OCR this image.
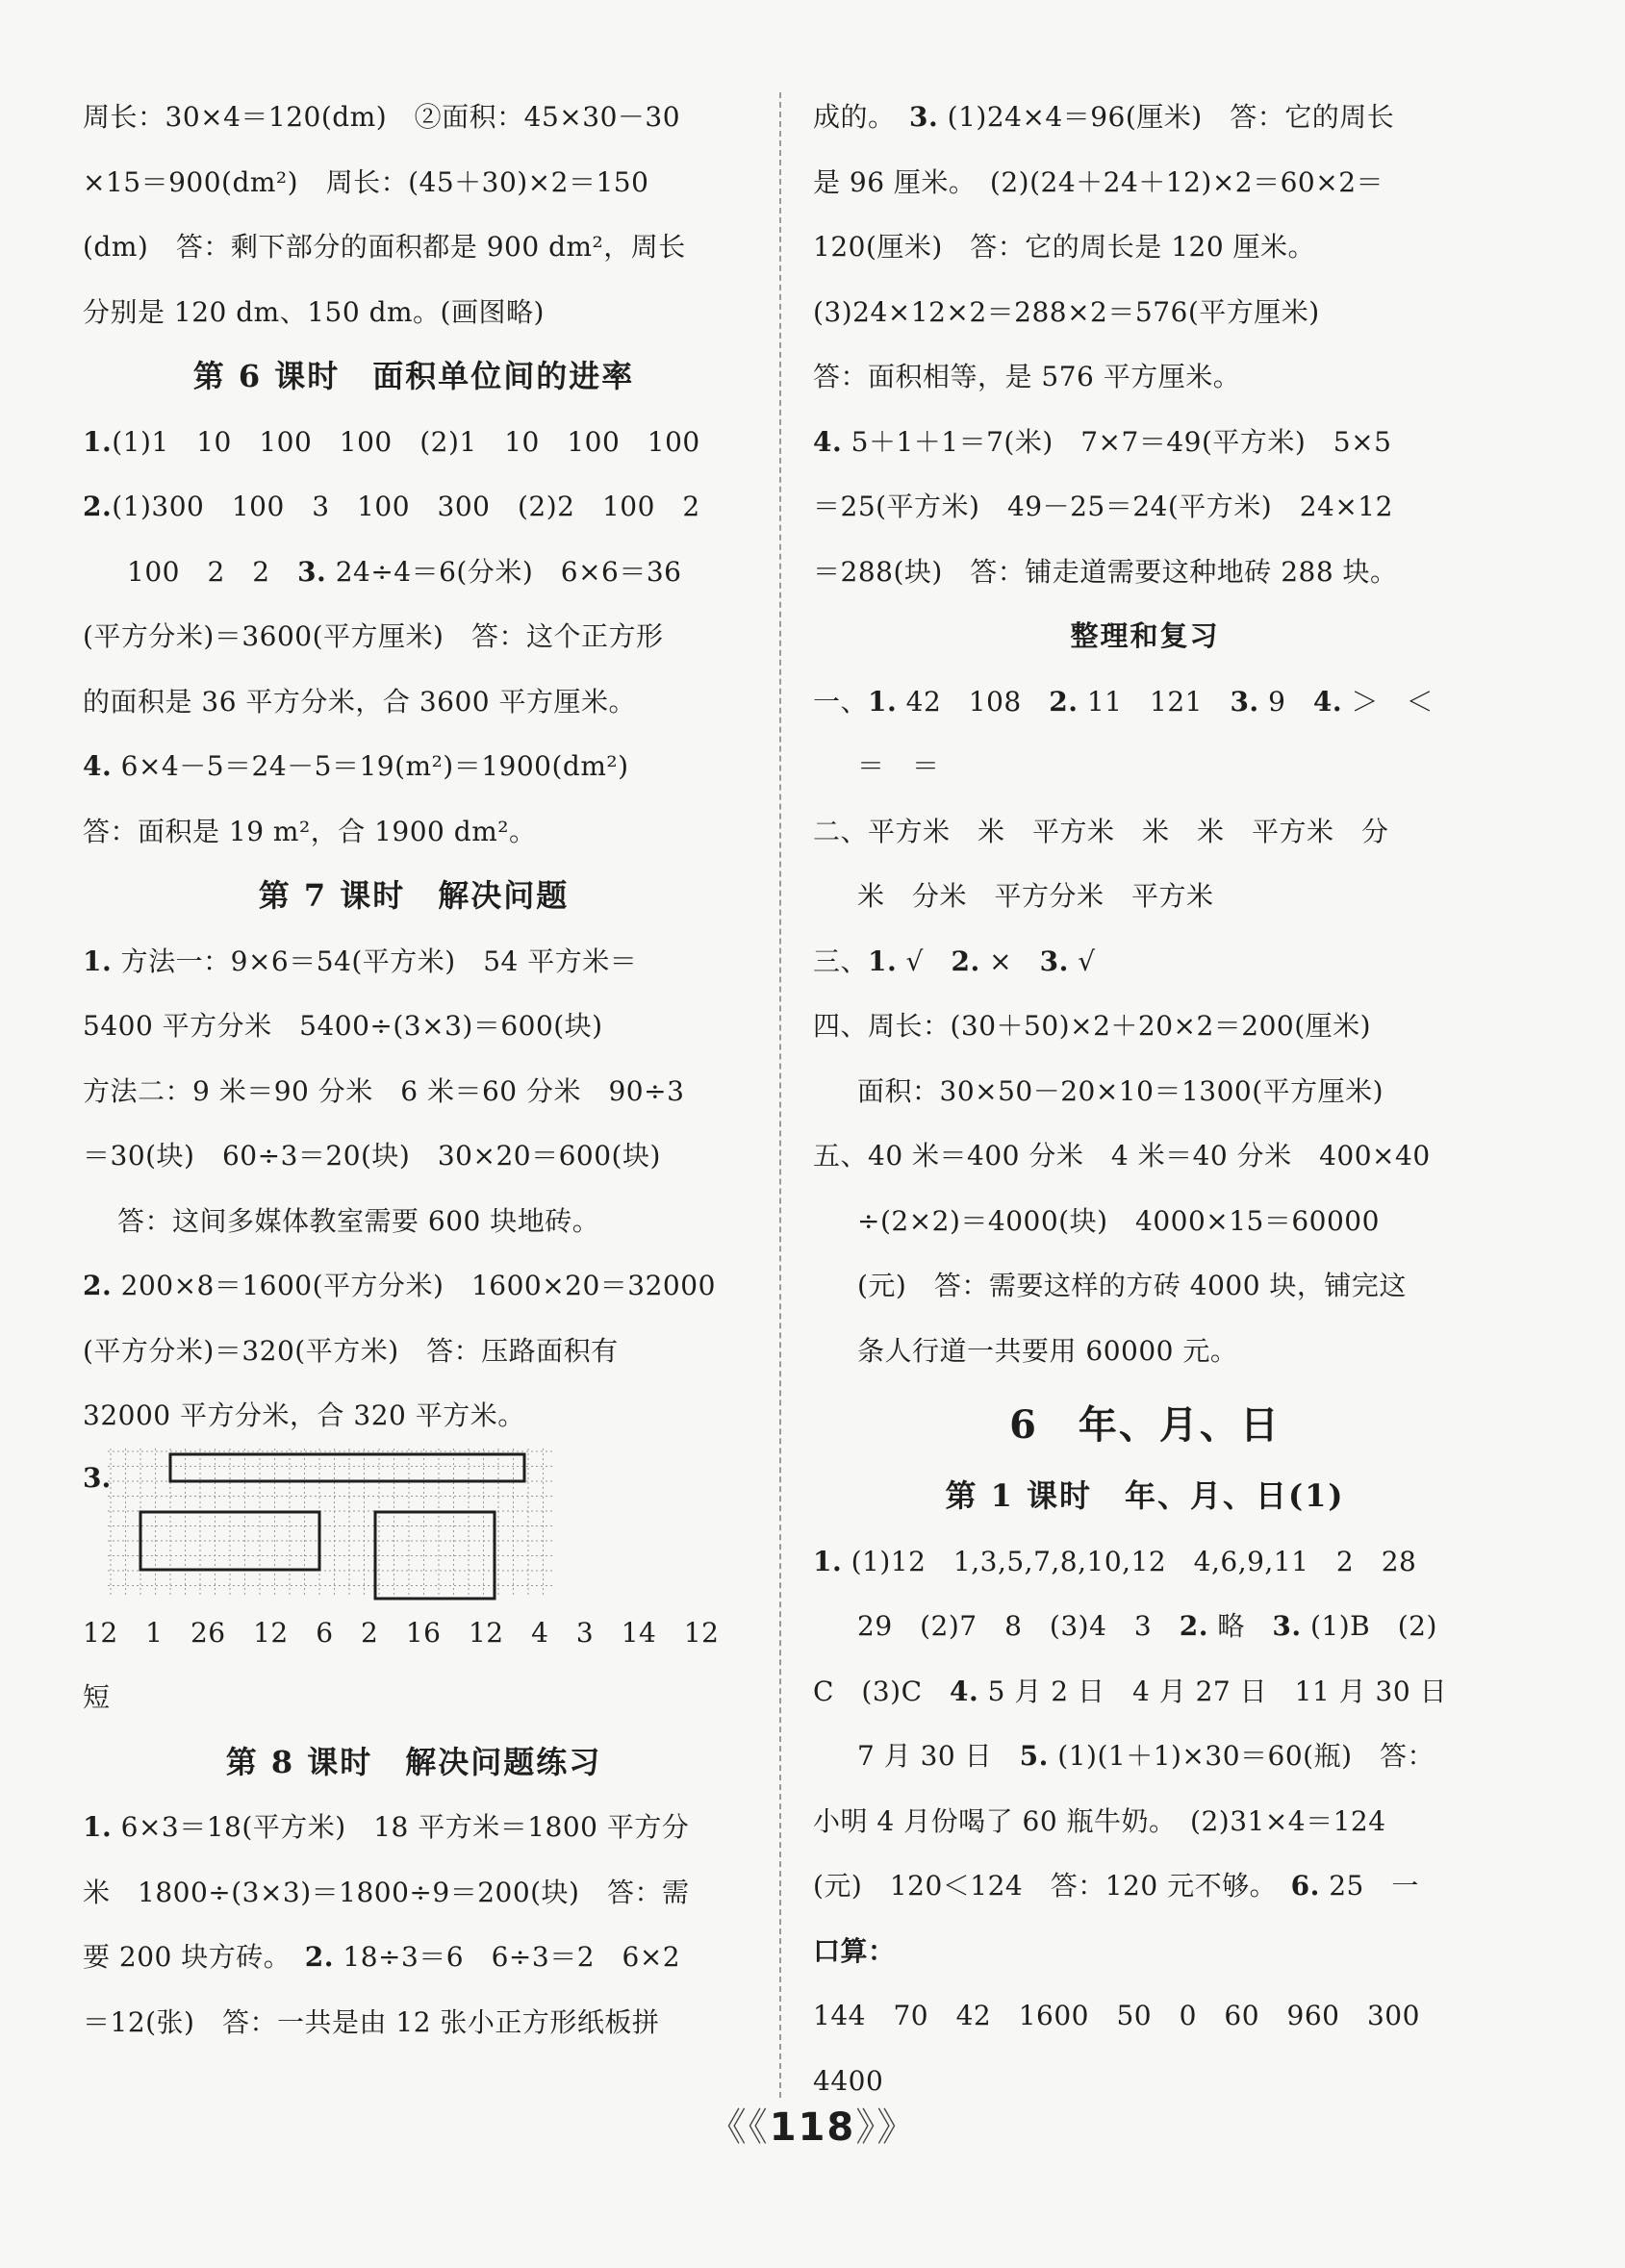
周长：30×4＝120(dm)　②面积：45×30－30
×15＝900(dm²)　周长：(45＋30)×2＝150
(dm)　答：剩下部分的面积都是 900 dm²，周长
分别是 120 dm、150 dm。(画图略)
第 6 课时　面积单位间的进率
1.(1)1　10　100　100　(2)1　10　100　100
2.(1)300　100　3　100　300　(2)2　100　2
100　2　2　3. 24÷4＝6(分米)　6×6＝36
(平方分米)＝3600(平方厘米)　答：这个正方形
的面积是 36 平方分米，合 3600 平方厘米。
4. 6×4－5＝24－5＝19(m²)＝1900(dm²)
答：面积是 19 m²，合 1900 dm²。
第 7 课时　解决问题
1. 方法一：9×6＝54(平方米)　54 平方米＝
5400 平方分米　5400÷(3×3)＝600(块)
方法二：9 米＝90 分米　6 米＝60 分米　90÷3
＝30(块)　60÷3＝20(块)　30×20＝600(块)
答：这间多媒体教室需要 600 块地砖。
2. 200×8＝1600(平方分米)　1600×20＝32000
(平方分米)＝320(平方米)　答：压路面积有
32000 平方分米，合 320 平方米。
3.
12　1　26　12　6　2　16　12　4　3　14　12
短
第 8 课时　解决问题练习
1. 6×3＝18(平方米)　18 平方米＝1800 平方分
米　1800÷(3×3)＝1800÷9＝200(块)　答：需
要 200 块方砖。　2. 18÷3＝6　6÷3＝2　6×2
＝12(张)　答：一共是由 12 张小正方形纸板拼
成的。　3. (1)24×4＝96(厘米)　答：它的周长
是 96 厘米。　(2)(24＋24＋12)×2＝60×2＝
120(厘米)　答：它的周长是 120 厘米。
(3)24×12×2＝288×2＝576(平方厘米)
答：面积相等，是 576 平方厘米。
4. 5＋1＋1＝7(米)　7×7＝49(平方米)　5×5
＝25(平方米)　49－25＝24(平方米)　24×12
＝288(块)　答：铺走道需要这种地砖 288 块。
整理和复习
一、1. 42　108　2. 11　121　3. 9　4. ＞　＜
＝　＝
二、平方米　米　平方米　米　米　平方米　分
米　分米　平方分米　平方米
三、1. √　2. ×　3. √
四、周长：(30＋50)×2＋20×2＝200(厘米)
面积：30×50－20×10＝1300(平方厘米)
五、40 米＝400 分米　4 米＝40 分米　400×40
÷(2×2)＝4000(块)　4000×15＝60000
(元)　答：需要这样的方砖 4000 块，铺完这
条人行道一共要用 60000 元。
6　年、月、日
第 1 课时　年、月、日(1)
1. (1)12　1,3,5,7,8,10,12　4,6,9,11　2　28
29　(2)7　8　(3)4　3　2. 略　3. (1)B　(2)
C　(3)C　4. 5 月 2 日　4 月 27 日　11 月 30 日
7 月 30 日　5. (1)(1＋1)×30＝60(瓶)　答：
小明 4 月份喝了 60 瓶牛奶。　(2)31×4＝124
(元)　120＜124　答：120 元不够。　6. 25　一
口算：
144　70　42　1600　50　0　60　960　300
4400
《《118》》
